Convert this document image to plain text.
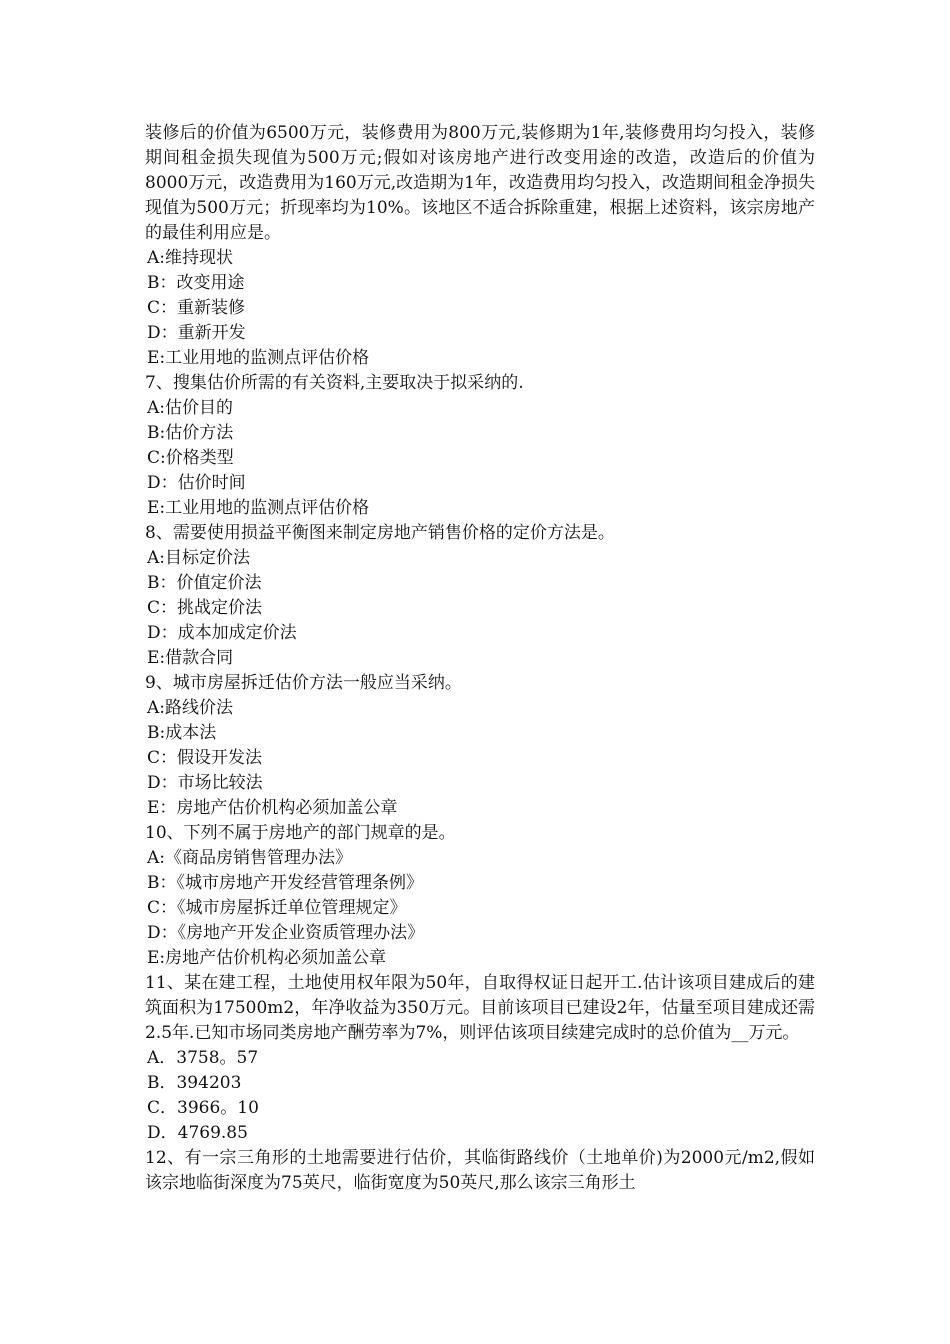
装修后的价值为6500万元，装修费用为800万元,装修期为1年,装修费用均匀投入，装修期间租金损失现值为500万元;假如对该房地产进行改变用途的改造，改造后的价值为8000万元，改造费用为160万元,改造期为1年，改造费用均匀投入，改造期间租金净损失现值为500万元；折现率均为10%。该地区不适合拆除重建，根据上述资料，该宗房地产的最佳利用应是。

A:维持现状

B：改变用途

C：重新装修

D：重新开发

E:工业用地的监测点评估价格

7、搜集估价所需的有关资料,主要取决于拟采纳的.

A:估价目的

B:估价方法

C:价格类型

D：估价时间

E:工业用地的监测点评估价格

8、需要使用损益平衡图来制定房地产销售价格的定价方法是。

A:目标定价法

B：价值定价法

C：挑战定价法

D：成本加成定价法

E:借款合同

9、城市房屋拆迁估价方法一般应当采纳。

A:路线价法

B:成本法

C：假设开发法

D：市场比较法

E：房地产估价机构必须加盖公章

10、下列不属于房地产的部门规章的是。

A:《商品房销售管理办法》

B：《城市房地产开发经营管理条例》

C：《城市房屋拆迁单位管理规定》

D：《房地产开发企业资质管理办法》

E:房地产估价机构必须加盖公章

11、某在建工程，土地使用权年限为50年，自取得权证日起开工.估计该项目建成后的建筑面积为17500m2，年净收益为350万元。目前该项目已建设2年，估量至项目建成还需2.5年.已知市场同类房地产酬劳率为7%，则评估该项目续建完成时的总价值为__万元。

A．3758。57

B．394203

C．3966。10

D．4769.85

12、有一宗三角形的土地需要进行估价，其临街路线价（土地单价)为2000元/m2,假如该宗地临街深度为75英尺，临街宽度为50英尺,那么该宗三角形土
